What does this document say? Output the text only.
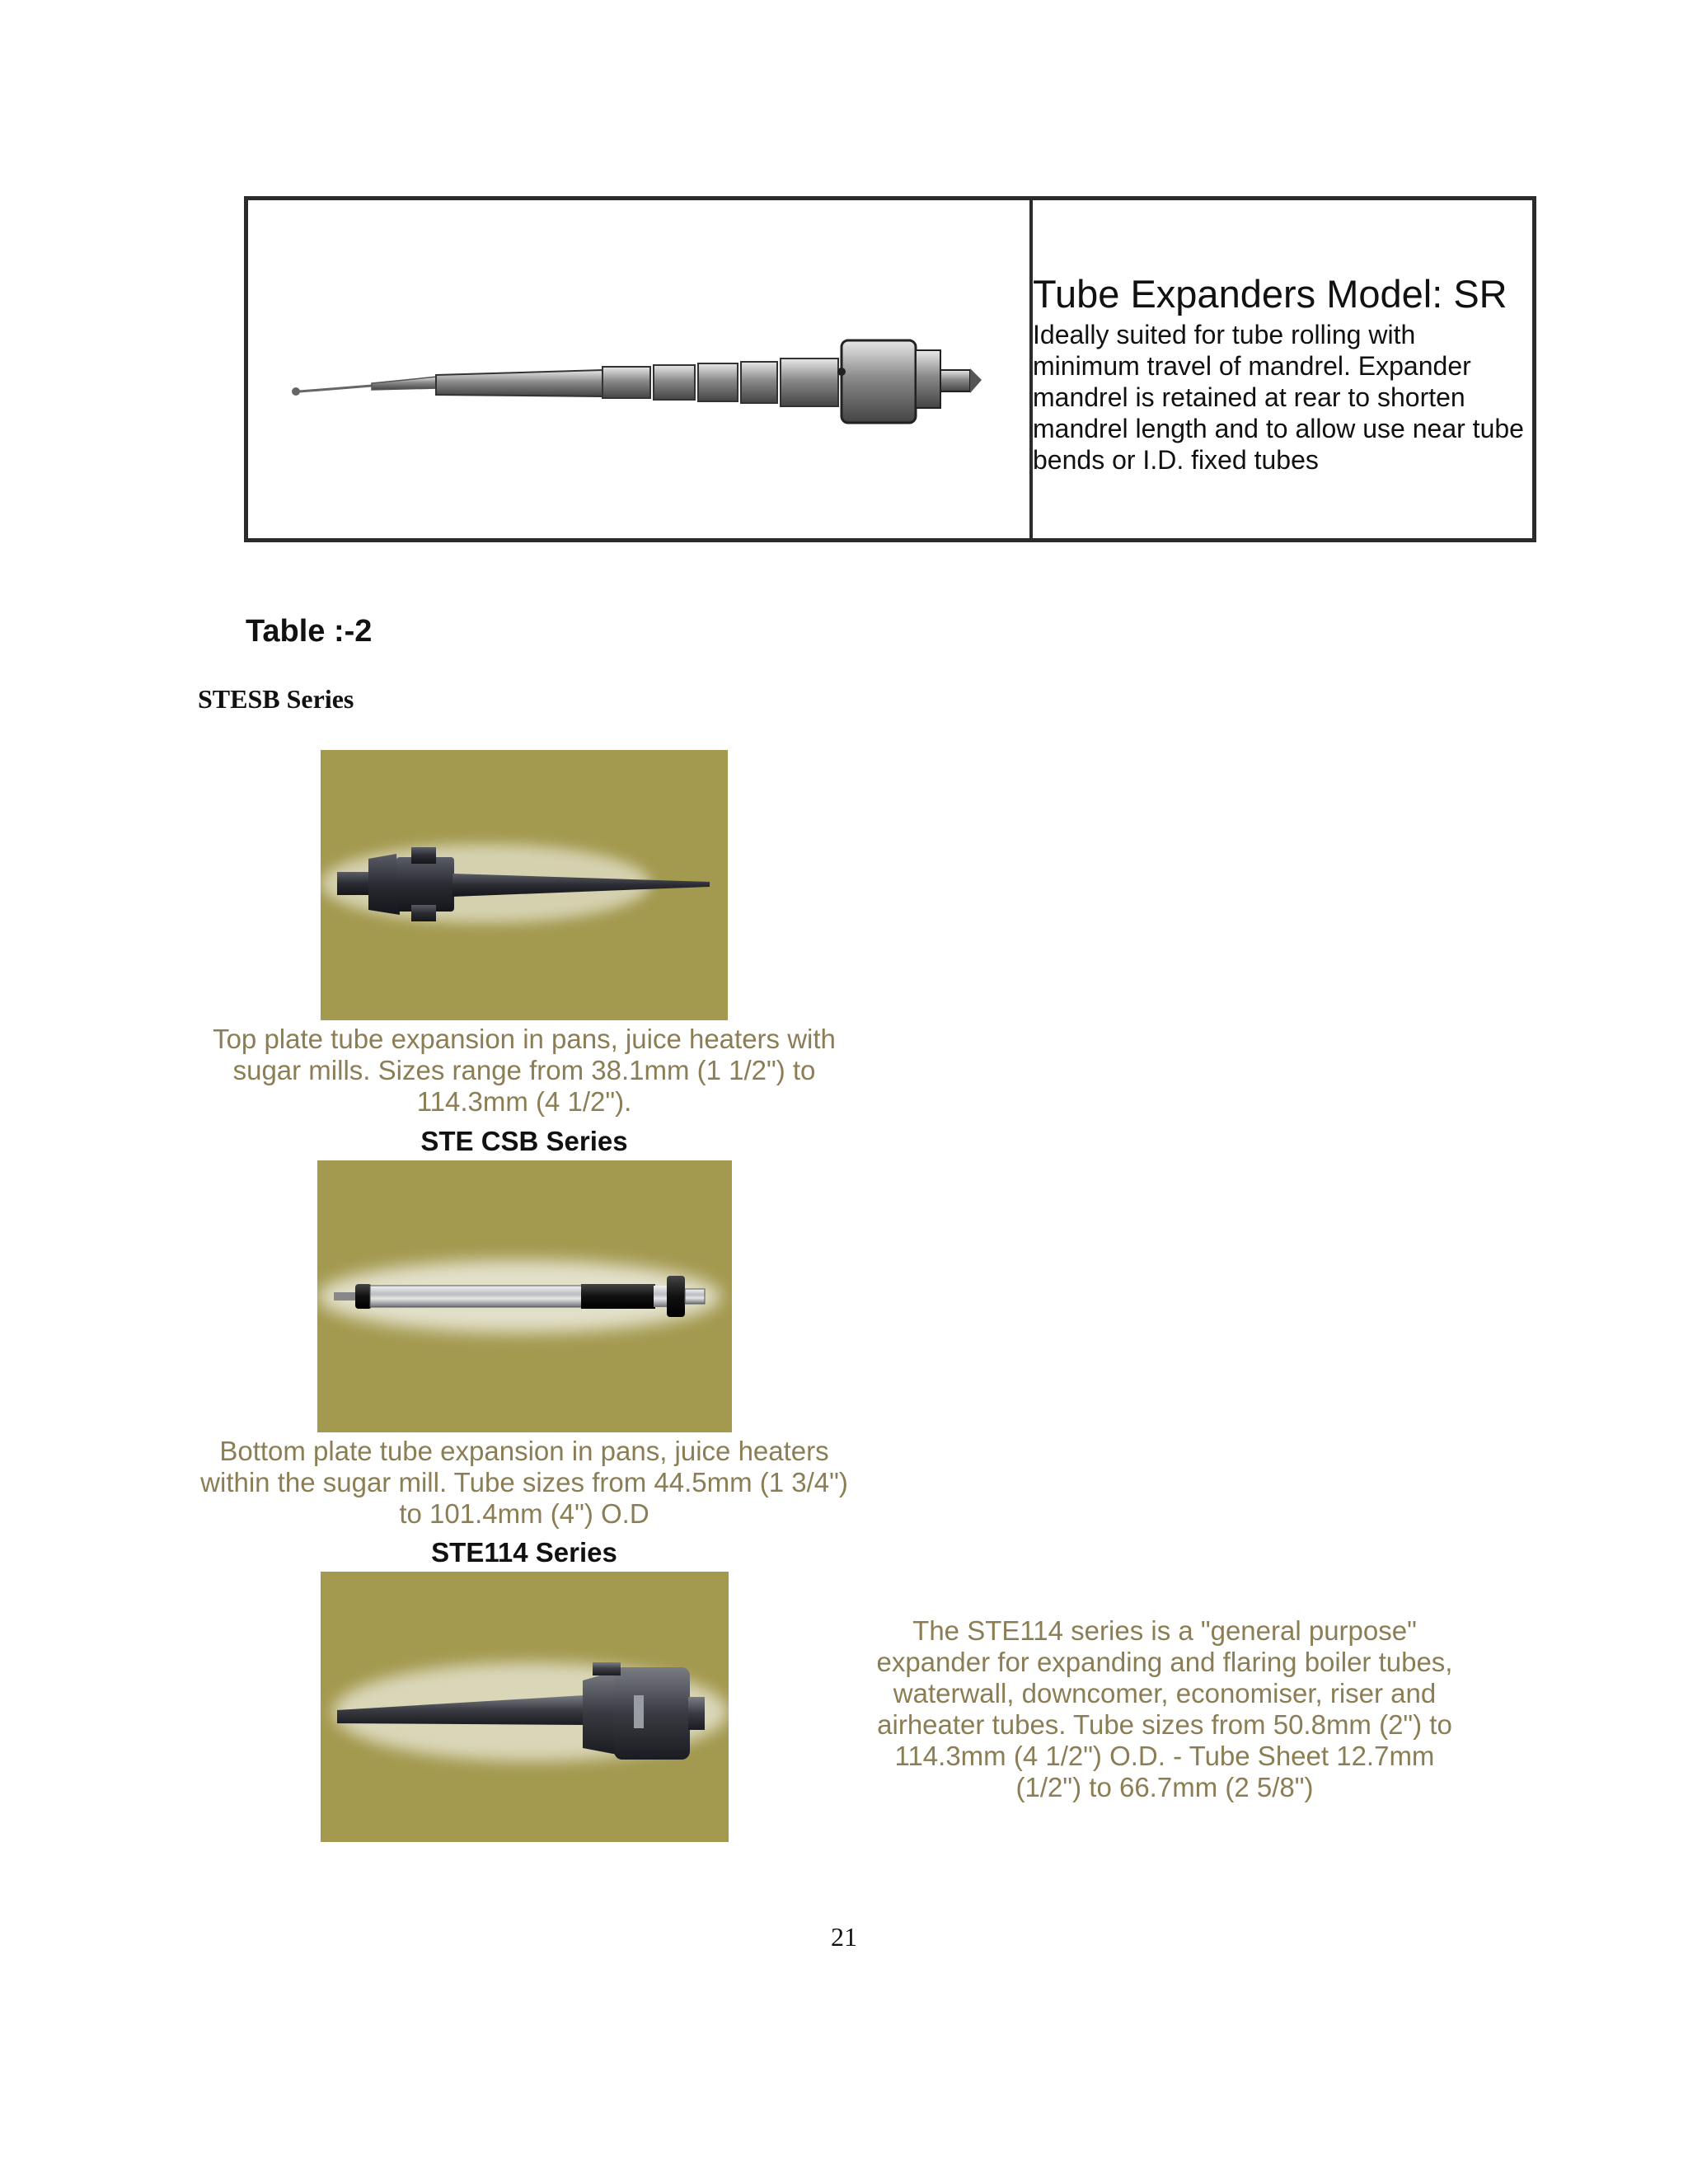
Tube Expanders Model: SR
Ideally suited for tube rolling with
minimum travel of mandrel. Expander
mandrel is retained at rear to shorten
mandrel length and to allow use near tube
bends or I.D. fixed tubes
Table :-2
STESB Series
Top plate tube expansion in pans, juice heaters with
sugar mills. Sizes range from 38.1mm (1 1/2") to
114.3mm (4 1/2").
STE CSB Series
Bottom plate tube expansion in pans, juice heaters
within the sugar mill. Tube sizes from 44.5mm (1 3/4")
to 101.4mm (4") O.D
STE114 Series
The STE114 series is a "general purpose"
expander for expanding and flaring boiler tubes,
waterwall, downcomer, economiser, riser and
airheater tubes. Tube sizes from 50.8mm (2") to
114.3mm (4 1/2") O.D. - Tube Sheet 12.7mm
(1/2") to 66.7mm (2 5/8")
21
